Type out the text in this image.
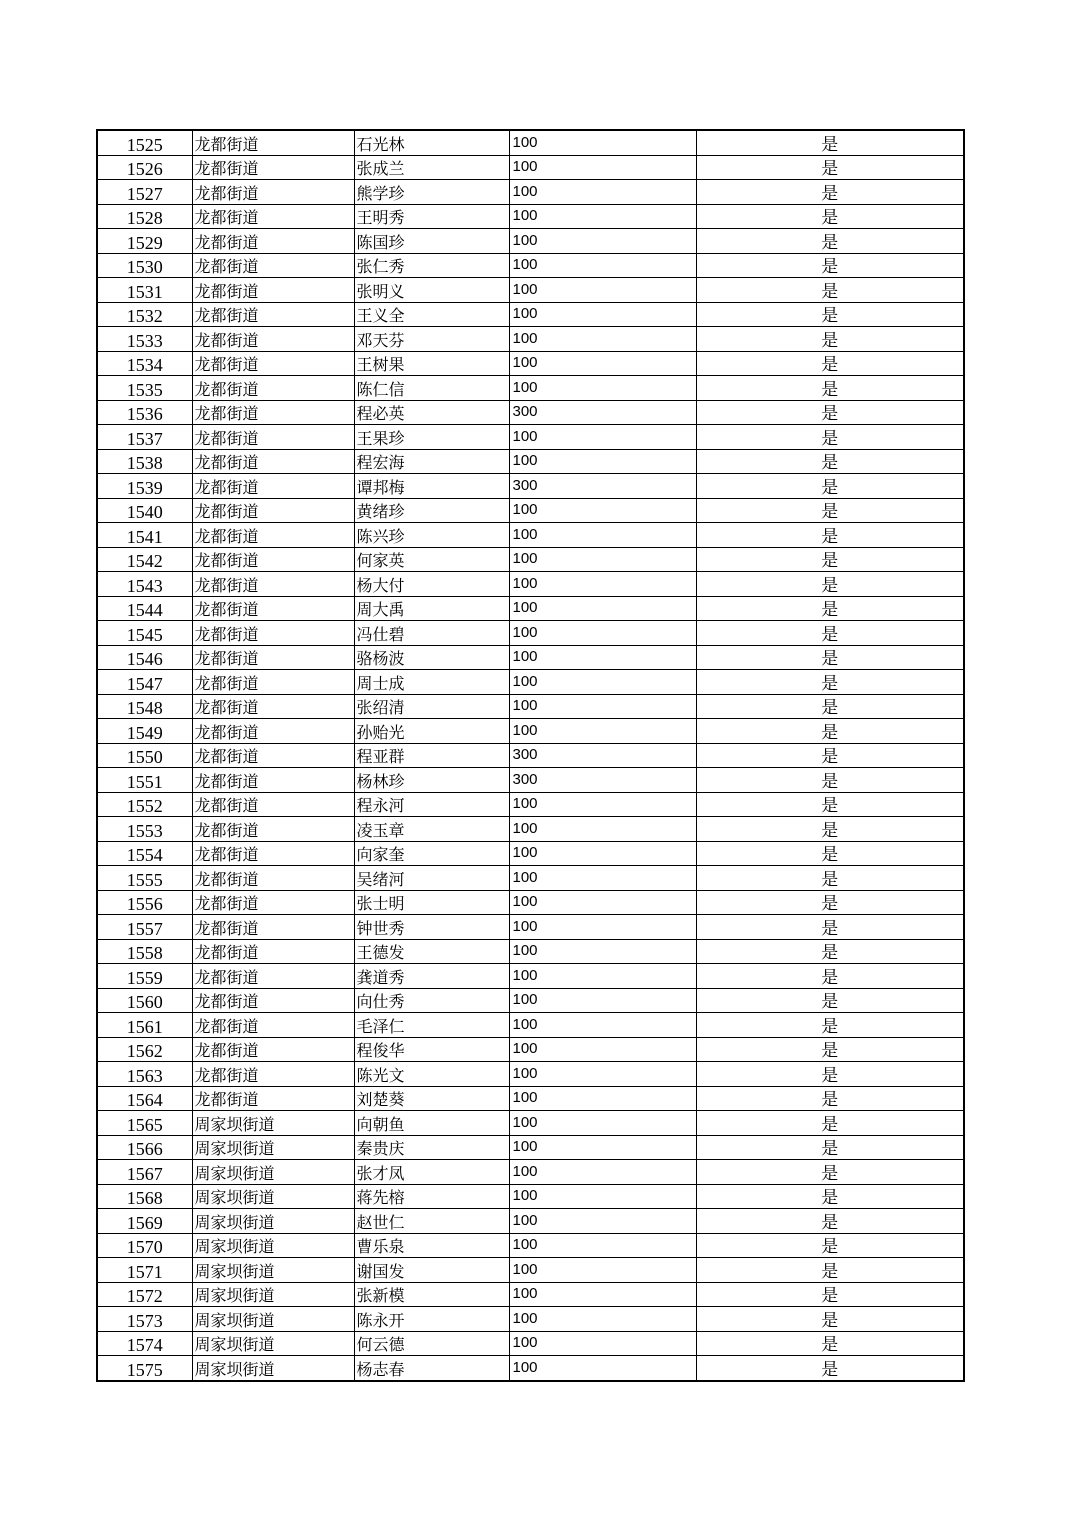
1525	龙都街道	石光林	100	是
1526	龙都街道	张成兰	100	是
1527	龙都街道	熊学珍	100	是
1528	龙都街道	王明秀	100	是
1529	龙都街道	陈国珍	100	是
1530	龙都街道	张仁秀	100	是
1531	龙都街道	张明义	100	是
1532	龙都街道	王义全	100	是
1533	龙都街道	邓天芬	100	是
1534	龙都街道	王树果	100	是
1535	龙都街道	陈仁信	100	是
1536	龙都街道	程必英	300	是
1537	龙都街道	王果珍	100	是
1538	龙都街道	程宏海	100	是
1539	龙都街道	谭邦梅	300	是
1540	龙都街道	黄绪珍	100	是
1541	龙都街道	陈兴珍	100	是
1542	龙都街道	何家英	100	是
1543	龙都街道	杨大付	100	是
1544	龙都街道	周大禹	100	是
1545	龙都街道	冯仕碧	100	是
1546	龙都街道	骆杨波	100	是
1547	龙都街道	周士成	100	是
1548	龙都街道	张绍清	100	是
1549	龙都街道	孙贻光	100	是
1550	龙都街道	程亚群	300	是
1551	龙都街道	杨林珍	300	是
1552	龙都街道	程永河	100	是
1553	龙都街道	凌玉章	100	是
1554	龙都街道	向家奎	100	是
1555	龙都街道	吴绪河	100	是
1556	龙都街道	张士明	100	是
1557	龙都街道	钟世秀	100	是
1558	龙都街道	王德发	100	是
1559	龙都街道	龚道秀	100	是
1560	龙都街道	向仕秀	100	是
1561	龙都街道	毛泽仁	100	是
1562	龙都街道	程俊华	100	是
1563	龙都街道	陈光文	100	是
1564	龙都街道	刘楚葵	100	是
1565	周家坝街道	向朝鱼	100	是
1566	周家坝街道	秦贵庆	100	是
1567	周家坝街道	张才凤	100	是
1568	周家坝街道	蒋先榕	100	是
1569	周家坝街道	赵世仁	100	是
1570	周家坝街道	曹乐泉	100	是
1571	周家坝街道	谢国发	100	是
1572	周家坝街道	张新模	100	是
1573	周家坝街道	陈永开	100	是
1574	周家坝街道	何云德	100	是
1575	周家坝街道	杨志春	100	是
